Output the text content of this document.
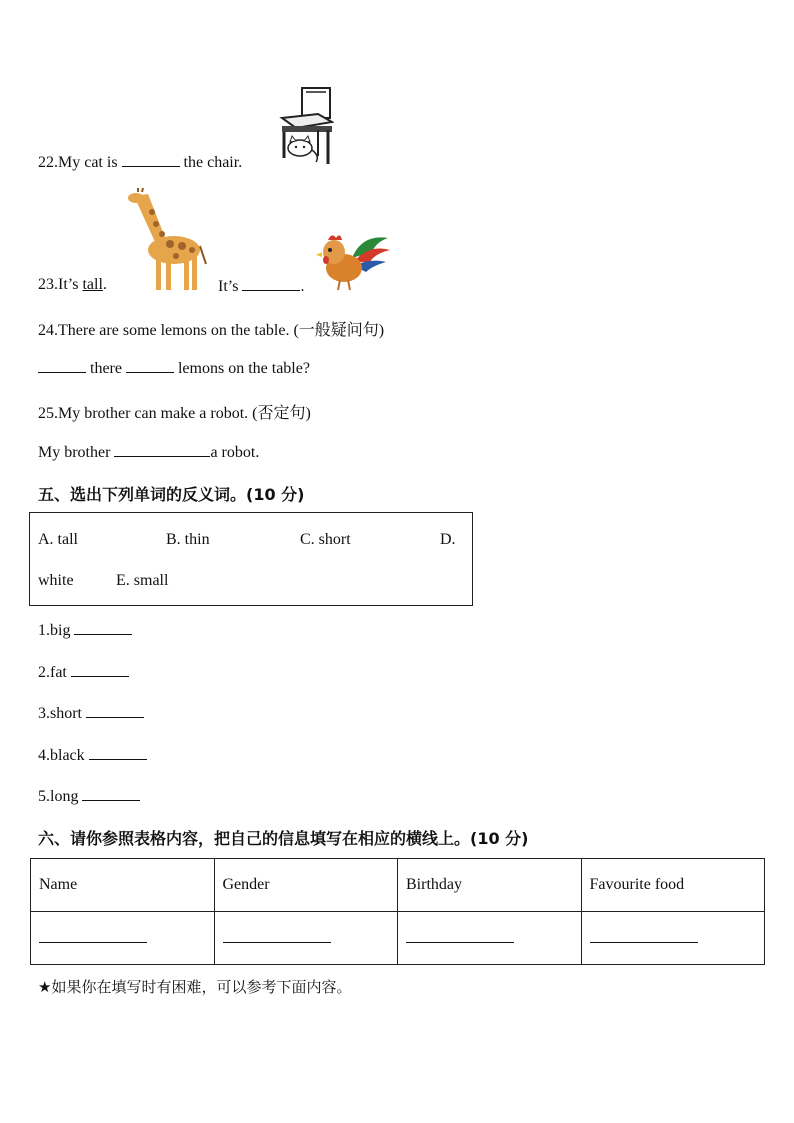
22.My cat is	the chair.
23.It’s tall.	It’s	.
24.There are some lemons on the table. (一般疑问句)
there	lemons on the table?
25.My brother can make a robot. (否定句)
My brother	a robot.
五、选出下列单词的反义词。(10 分)
A. tall	B. thin	C. short	D.
white	E. small
1.big
2.fat
3.short
4.black
5.long
六、请你参照表格内容，把自己的信息填写在相应的横线上。(10 分)
Name	Gender	Birthday	Favourite food

★如果你在填写时有困难，可以参考下面内容。
